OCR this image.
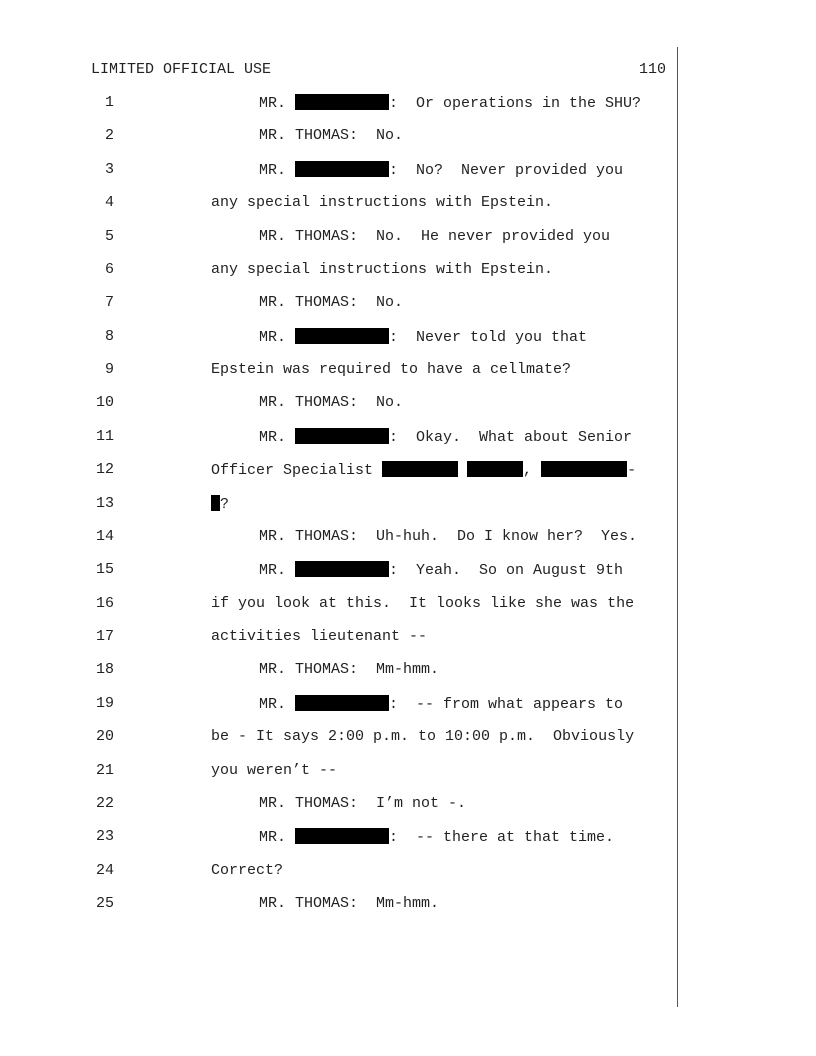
LIMITED OFFICIAL USE	110
1	MR.	:  Or operations in the SHU?
2	MR. THOMAS:  No.
3	MR.	:  No?  Never provided you
4	any special instructions with Epstein.
5	MR. THOMAS:  No.  He never provided you
6	any special instructions with Epstein.
7	MR. THOMAS:  No.
8	MR.	:  Never told you that
9	Epstein was required to have a cellmate?
10	MR. THOMAS:  No.
11	MR.	:  Okay.  What about Senior
12	Officer Specialist	,	-
13	?
14	MR. THOMAS:  Uh-huh.  Do I know her?  Yes.
15	MR.	:  Yeah.  So on August 9th
16	if you look at this.  It looks like she was the
17	activities lieutenant --
18	MR. THOMAS:  Mm-hmm.
19	MR.	:  -- from what appears to
20	be - It says 2:00 p.m. to 10:00 p.m.  Obviously
21	you weren’t --
22	MR. THOMAS:  I’m not -.
23	MR.	:  -- there at that time.
24	Correct?
25	MR. THOMAS:  Mm-hmm.
